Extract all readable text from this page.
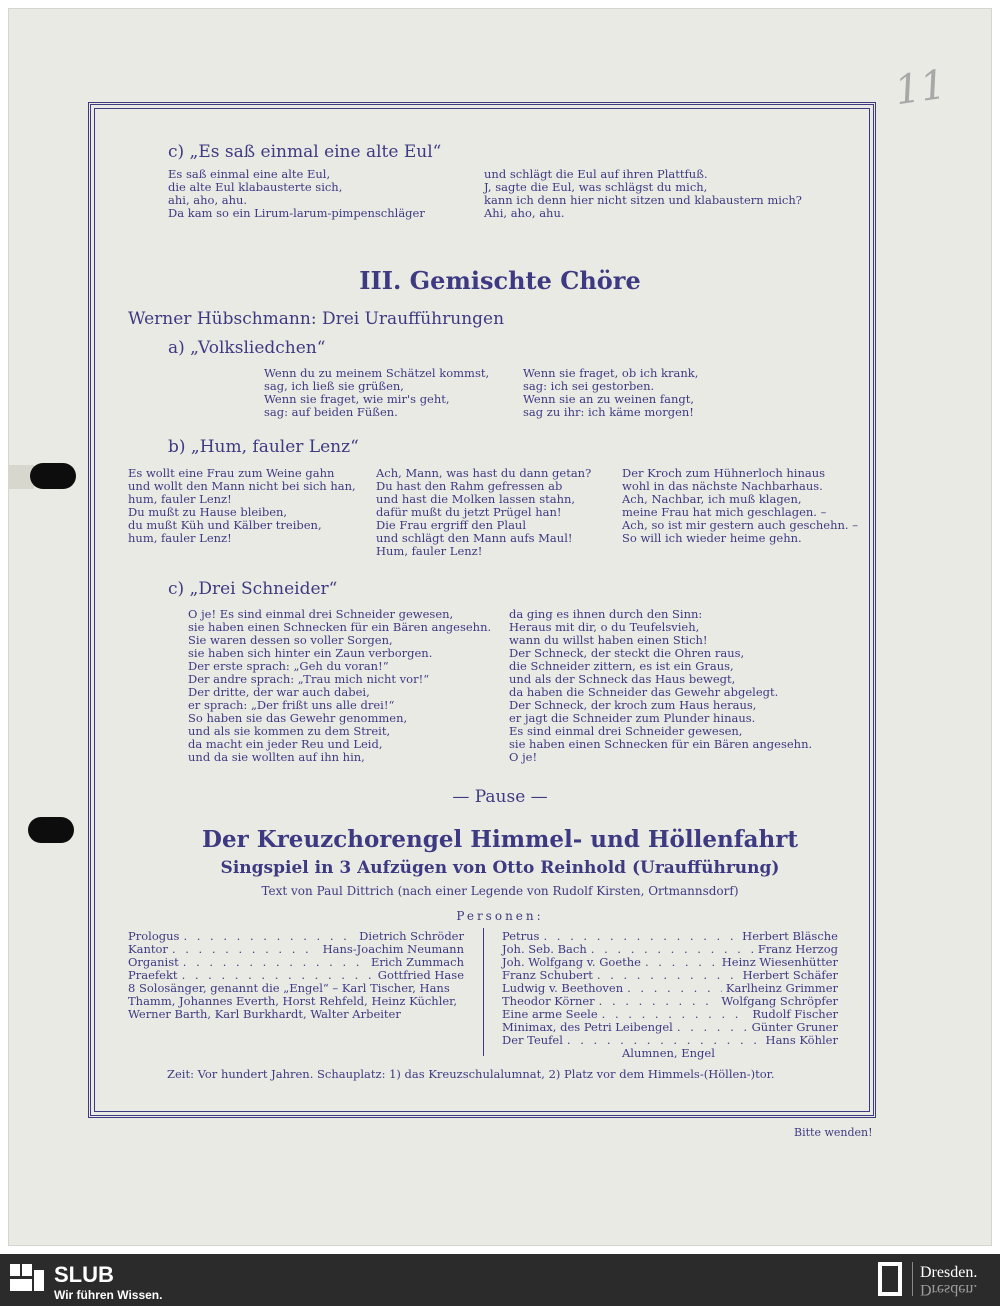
11
c) „Es saß einmal eine alte Eul“
Es saß einmal eine alte Eul,
die alte Eul klabausterte sich,
ahi, aho, ahu.
Da kam so ein Lirum-larum-pimpenschläger
und schlägt die Eul auf ihren Plattfuß.
J, sagte die Eul, was schlägst du mich,
kann ich denn hier nicht sitzen und klabaustern mich?
Ahi, aho, ahu.
III. Gemischte Chöre
Werner Hübschmann: Drei Uraufführungen
a) „Volksliedchen“
Wenn du zu meinem Schätzel kommst,
sag, ich ließ sie grüßen,
Wenn sie fraget, wie mir's geht,
sag: auf beiden Füßen.
Wenn sie fraget, ob ich krank,
sag: ich sei gestorben.
Wenn sie an zu weinen fangt,
sag zu ihr: ich käme morgen!
b) „Hum, fauler Lenz“
Es wollt eine Frau zum Weine gahn
und wollt den Mann nicht bei sich han,
hum, fauler Lenz!
Du mußt zu Hause bleiben,
du mußt Küh und Kälber treiben,
hum, fauler Lenz!
Ach, Mann, was hast du dann getan?
Du hast den Rahm gefressen ab
und hast die Molken lassen stahn,
dafür mußt du jetzt Prügel han!
Die Frau ergriff den Plaul
und schlägt den Mann aufs Maul!
Hum, fauler Lenz!
Der Kroch zum Hühnerloch hinaus
wohl in das nächste Nachbarhaus.
Ach, Nachbar, ich muß klagen,
meine Frau hat mich geschlagen. –
Ach, so ist mir gestern auch geschehn. –
So will ich wieder heime gehn.
c) „Drei Schneider“
O je! Es sind einmal drei Schneider gewesen,
sie haben einen Schnecken für ein Bären angesehn.
Sie waren dessen so voller Sorgen,
sie haben sich hinter ein Zaun verborgen.
Der erste sprach: „Geh du voran!“
Der andre sprach: „Trau mich nicht vor!“
Der dritte, der war auch dabei,
er sprach: „Der frißt uns alle drei!“
So haben sie das Gewehr genommen,
und als sie kommen zu dem Streit,
da macht ein jeder Reu und Leid,
und da sie wollten auf ihn hin,
da ging es ihnen durch den Sinn:
Heraus mit dir, o du Teufelsvieh,
wann du willst haben einen Stich!
Der Schneck, der steckt die Ohren raus,
die Schneider zittern, es ist ein Graus,
und als der Schneck das Haus bewegt,
da haben die Schneider das Gewehr abgelegt.
Der Schneck, der kroch zum Haus heraus,
er jagt die Schneider zum Plunder hinaus.
Es sind einmal drei Schneider gewesen,
sie haben einen Schnecken für ein Bären angesehn.
O je!
— Pause —
Der Kreuzchorengel Himmel- und Höllenfahrt
Singspiel in 3 Aufzügen von Otto Reinhold (Uraufführung)
Text von Paul Dittrich (nach einer Legende von Rudolf Kirsten, Ortmannsdorf)
Personen:
Prologus . . .	Dietrich Schröder
Kantor . . .	Hans-Joachim Neumann
Organist . . .	Erich Zummach
Praefekt . . .	Gottfried Hase
8 Solosänger, genannt die „Engel“ – Karl Tischer, Hans
Thamm, Johannes Everth, Horst Rehfeld, Heinz Küchler,
Werner Barth, Karl Burkhardt, Walter Arbeiter
Petrus . . .	Herbert Bläsche
Joh. Seb. Bach . . .	Franz Herzog
Joh. Wolfgang v. Goethe . . .	Heinz Wiesenhütter
Franz Schubert . . .	Herbert Schäfer
Ludwig v. Beethoven . . .	Karlheinz Grimmer
Theodor Körner . . .	Wolfgang Schröpfer
Eine arme Seele . . .	Rudolf Fischer
Minimax, des Petri Leibengel . . .	Günter Gruner
Der Teufel . . .	Hans Köhler
Alumnen, Engel
Zeit: Vor hundert Jahren. Schauplatz: 1) das Kreuzschulalumnat, 2) Platz vor dem Himmels-(Höllen-)tor.
Bitte wenden!
SLUB
Wir führen Wissen.
Dresden.
Dresden.
